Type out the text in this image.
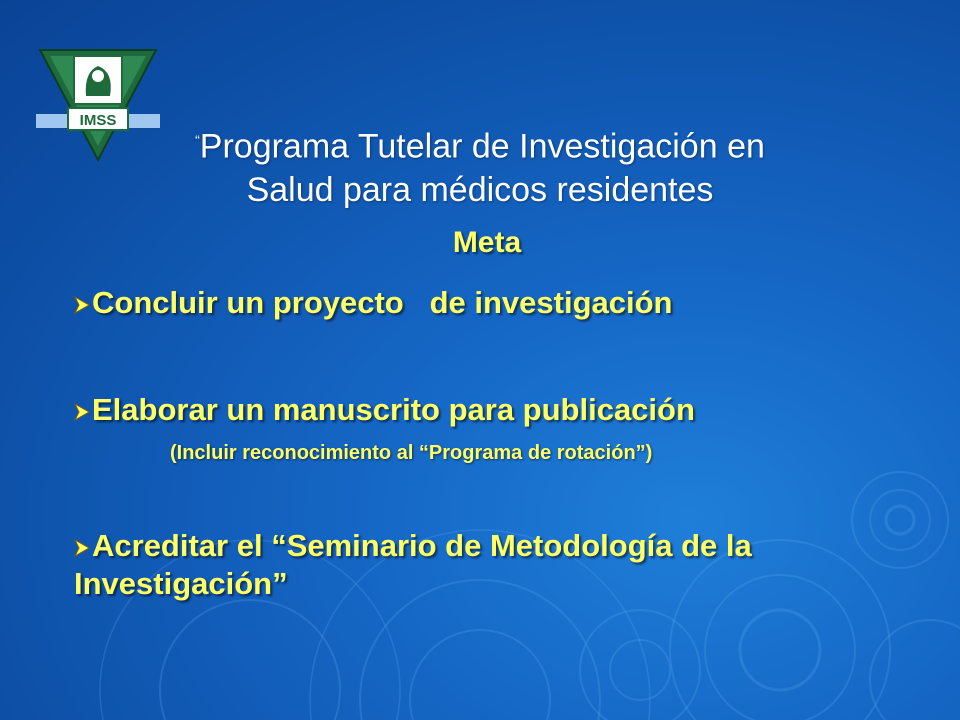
IMSS
“Programa Tutelar de Investigación en
Salud para médicos residentes
Meta
Concluir un proyecto   de investigación
Elaborar un manuscrito para publicación
(Incluir reconocimiento al “Programa de rotación”)
Acreditar el “Seminario de Metodología de la Investigación”
